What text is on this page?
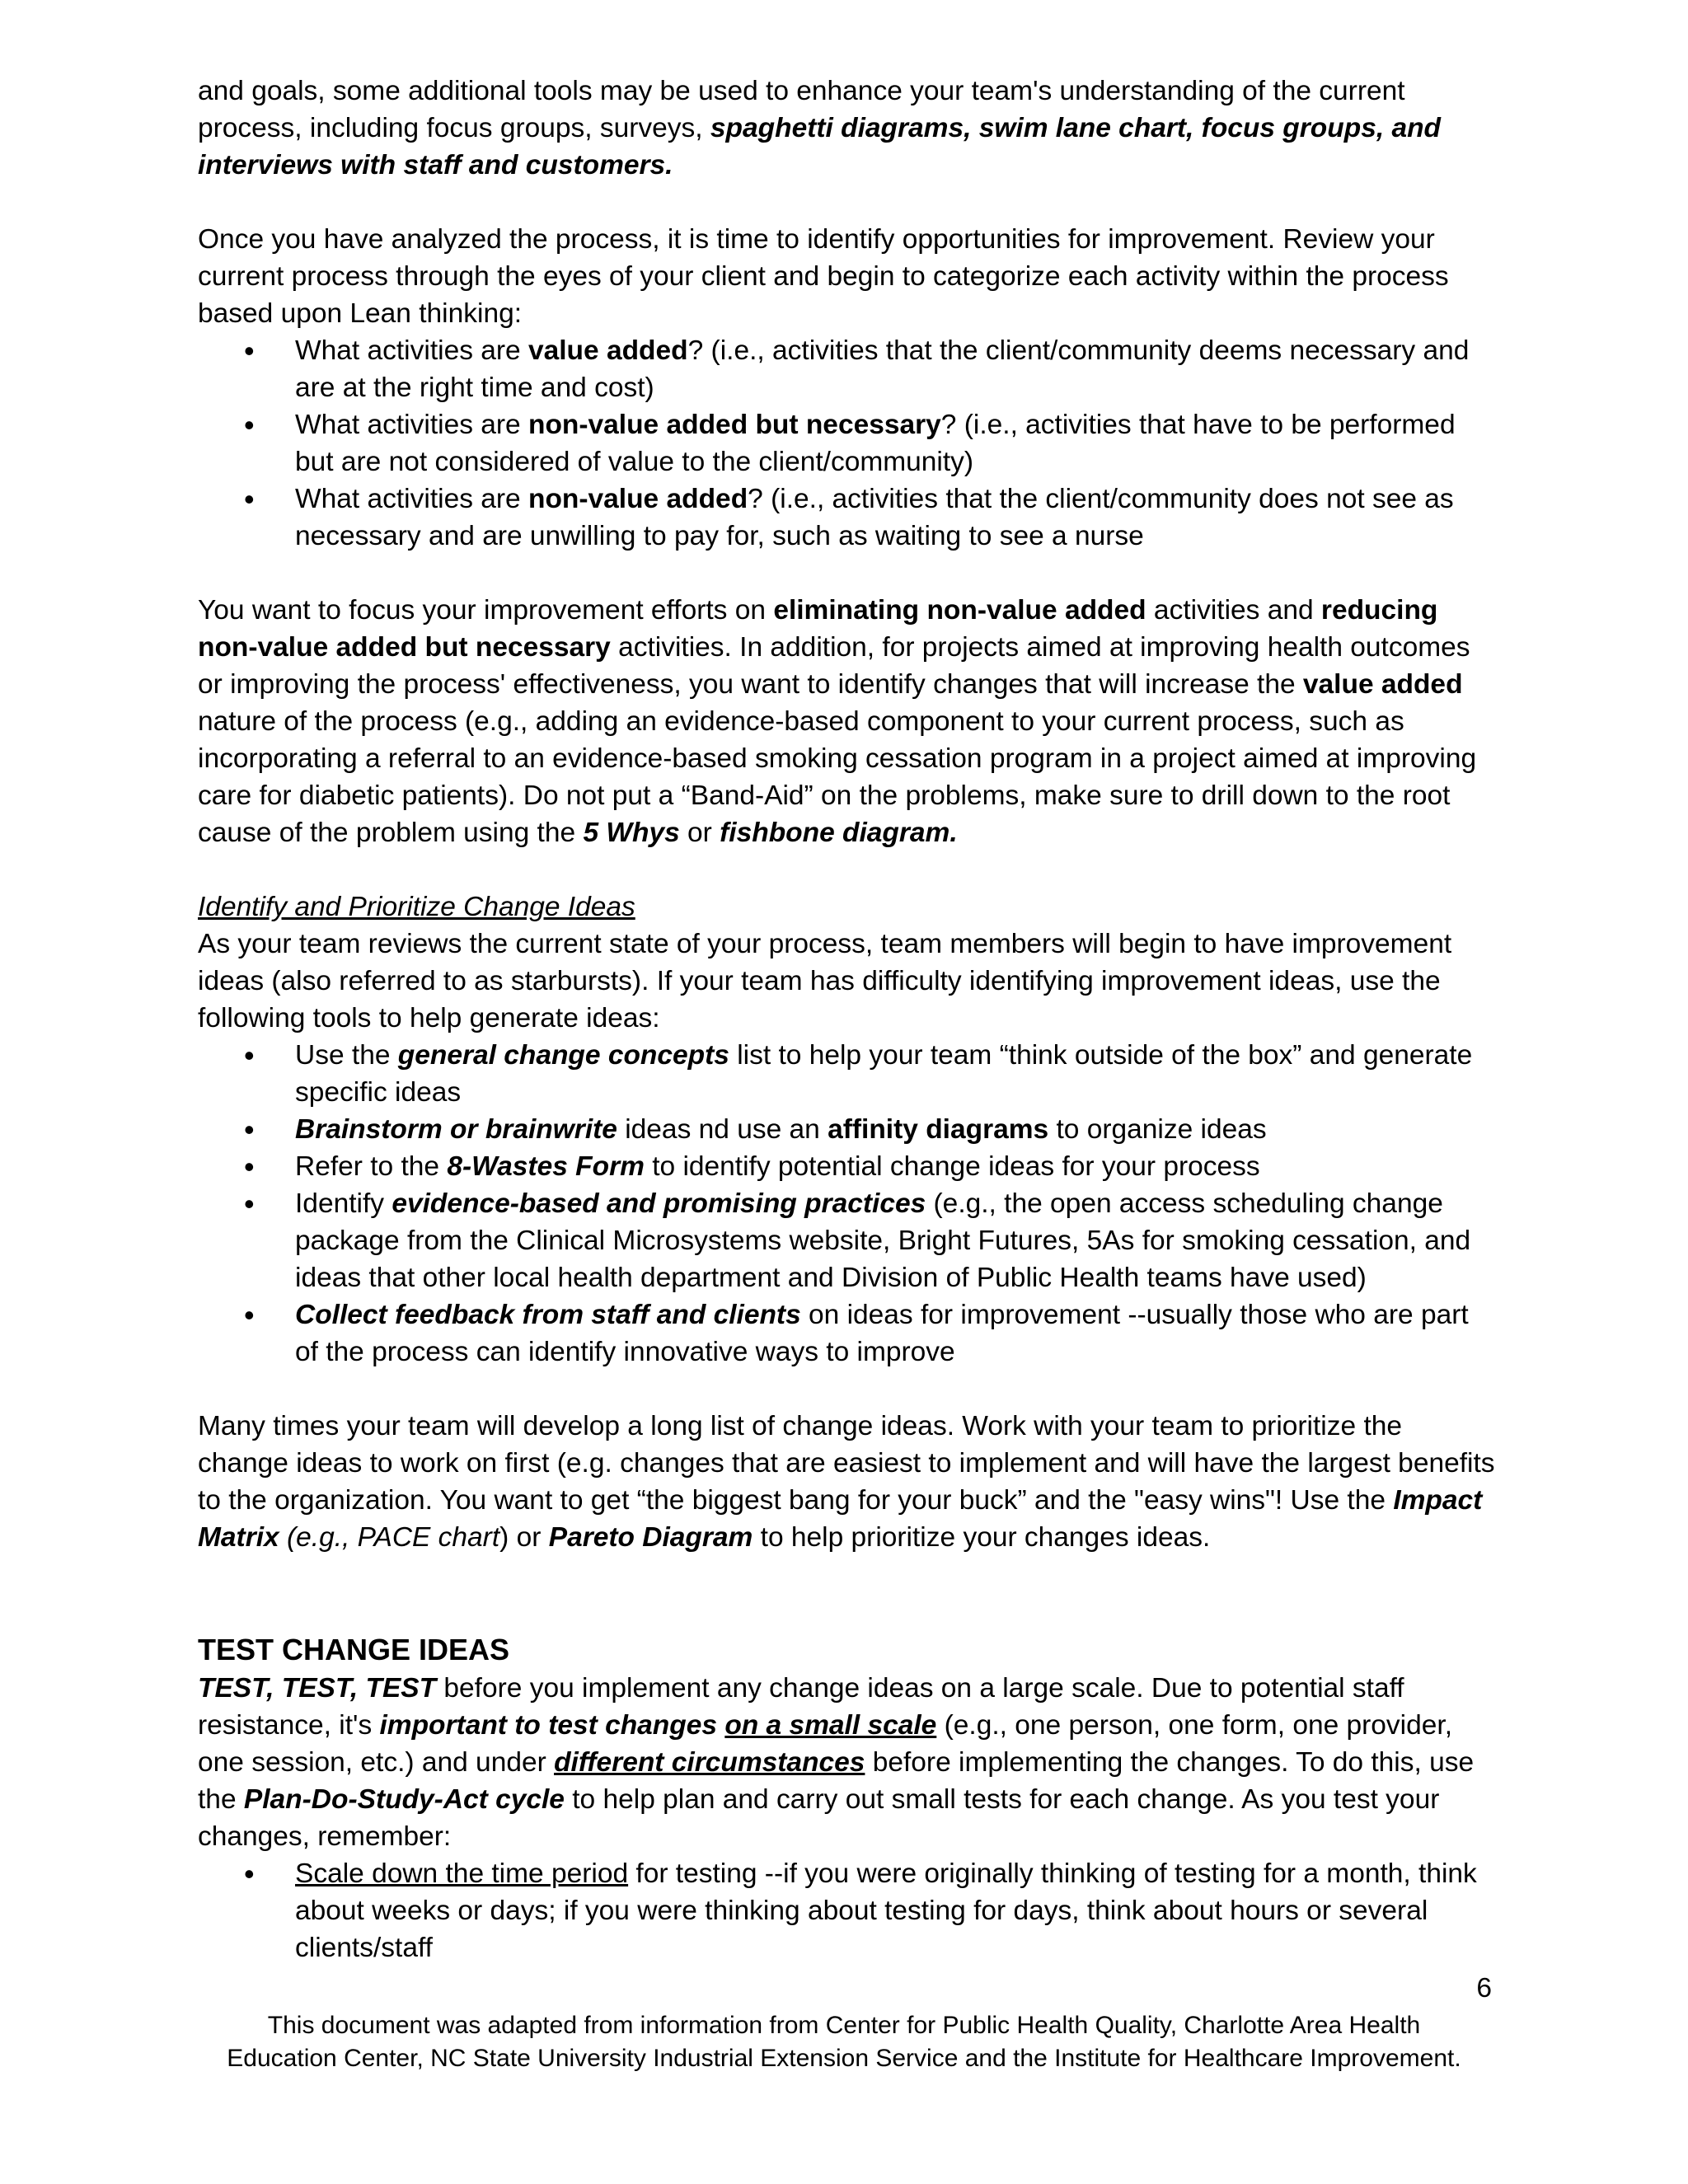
and goals, some additional tools may be used to enhance your team's understanding of the current process, including focus groups, surveys, spaghetti diagrams, swim lane chart, focus groups, and interviews with staff and customers.

Once you have analyzed the process, it is time to identify opportunities for improvement. Review your current process through the eyes of your client and begin to categorize each activity within the process based upon Lean thinking:

• What activities are value added? (i.e., activities that the client/community deems necessary and are at the right time and cost)
• What activities are non-value added but necessary? (i.e., activities that have to be performed but are not considered of value to the client/community)
• What activities are non-value added? (i.e., activities that the client/community does not see as necessary and are unwilling to pay for, such as waiting to see a nurse

You want to focus your improvement efforts on eliminating non-value added activities and reducing non-value added but necessary activities. In addition, for projects aimed at improving health outcomes or improving the process' effectiveness, you want to identify changes that will increase the value added nature of the process (e.g., adding an evidence-based component to your current process, such as incorporating a referral to an evidence-based smoking cessation program in a project aimed at improving care for diabetic patients). Do not put a “Band-Aid” on the problems, make sure to drill down to the root cause of the problem using the 5 Whys or fishbone diagram.

Identify and Prioritize Change Ideas

As your team reviews the current state of your process, team members will begin to have improvement ideas (also referred to as starbursts). If your team has difficulty identifying improvement ideas, use the following tools to help generate ideas:

• Use the general change concepts list to help your team “think outside of the box” and generate specific ideas
• Brainstorm or brainwrite ideas nd use an affinity diagrams to organize ideas
• Refer to the 8-Wastes Form to identify potential change ideas for your process
• Identify evidence-based and promising practices (e.g., the open access scheduling change package from the Clinical Microsystems website, Bright Futures, 5As for smoking cessation, and ideas that other local health department and Division of Public Health teams have used)
• Collect feedback from staff and clients on ideas for improvement --usually those who are part of the process can identify innovative ways to improve

Many times your team will develop a long list of change ideas. Work with your team to prioritize the change ideas to work on first (e.g. changes that are easiest to implement and will have the largest benefits to the organization. You want to get “the biggest bang for your buck” and the "easy wins"! Use the Impact Matrix (e.g., PACE chart) or Pareto Diagram to help prioritize your changes ideas.

TEST CHANGE IDEAS

TEST, TEST, TEST before you implement any change ideas on a large scale. Due to potential staff resistance, it's important to test changes on a small scale (e.g., one person, one form, one provider, one session, etc.) and under different circumstances before implementing the changes. To do this, use the Plan-Do-Study-Act cycle to help plan and carry out small tests for each change. As you test your changes, remember:

• Scale down the time period for testing --if you were originally thinking of testing for a month, think about weeks or days; if you were thinking about testing for days, think about hours or several clients/staff
6
This document was adapted from information from Center for Public Health Quality, Charlotte Area Health
Education Center, NC State University Industrial Extension Service and the Institute for Healthcare Improvement.
